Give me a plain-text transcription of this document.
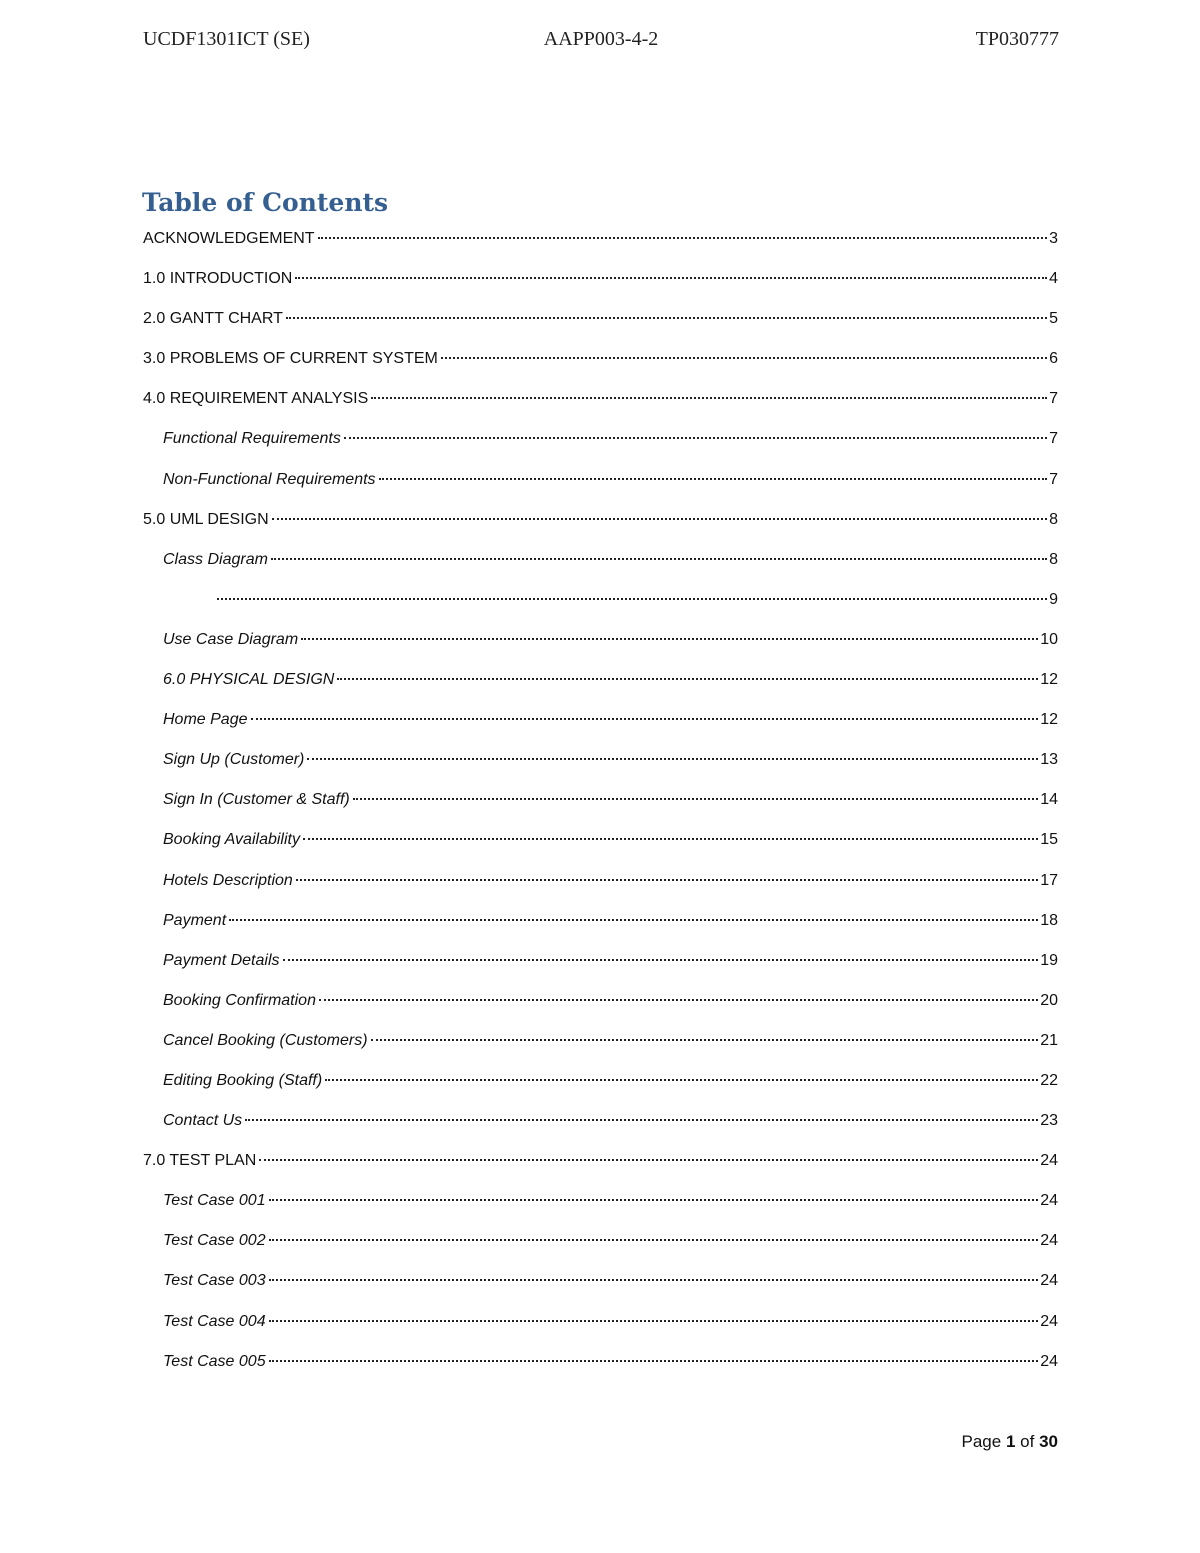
UCDF1301ICT (SE)	AAPP003-4-2	TP030777
Table of Contents
ACKNOWLEDGEMENT	3
1.0 INTRODUCTION	4
2.0 GANTT CHART	5
3.0 PROBLEMS OF CURRENT SYSTEM	6
4.0 REQUIREMENT ANALYSIS	7
Functional Requirements	7
Non-Functional Requirements	7
5.0 UML DESIGN	8
Class Diagram	8
9
Use Case Diagram	10
6.0 PHYSICAL DESIGN	12
Home Page	12
Sign Up (Customer)	13
Sign In (Customer & Staff)	14
Booking Availability	15
Hotels Description	17
Payment	18
Payment Details	19
Booking Confirmation	20
Cancel Booking (Customers)	21
Editing Booking (Staff)	22
Contact Us	23
7.0 TEST PLAN	24
Test Case 001	24
Test Case 002	24
Test Case 003	24
Test Case 004	24
Test Case 005	24
Page 1 of 30
